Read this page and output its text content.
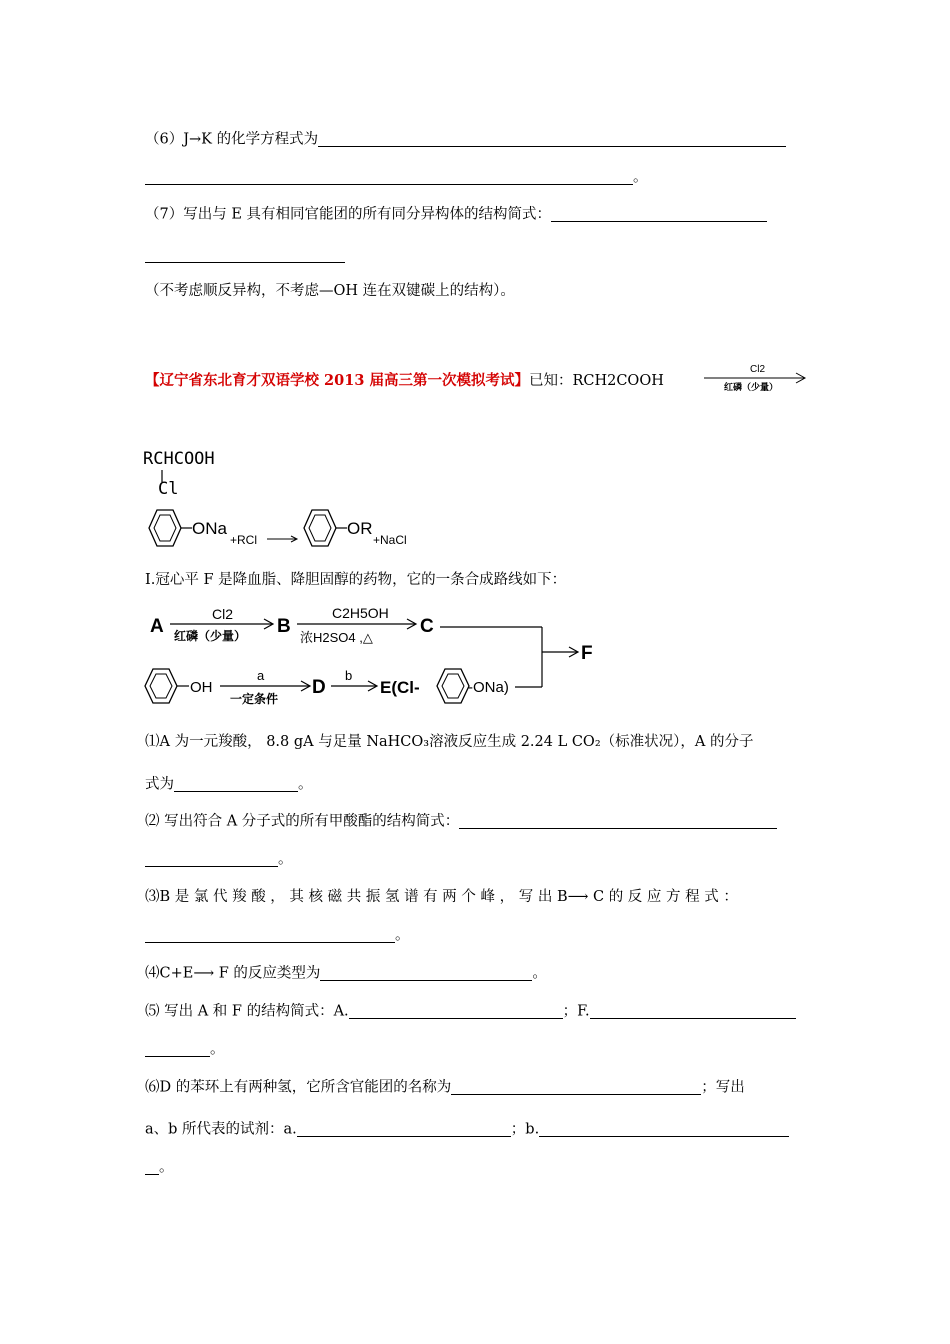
（6）J→K 的化学方程式为
。
（7）写出与 E 具有相同官能团的所有同分异构体的结构简式：
（不考虑顺反异构，不考虑—OH 连在双键碳上的结构）。
【辽宁省东北育才双语学校 2013 届高三第一次模拟考试】已知：RCH2COOH
Cl2
红磷（少量）
RCHCOOH
Cl
ONa
+RCl
OR
+NaCl
I.冠心平 F 是降血脂、降胆固醇的药物，它的一条合成路线如下：
A
Cl2
红磷（少量） B
C2H5OH
浓H2SO4 ,△
C
F
OH
a
一定条件
D
b
E(Cl-	-ONa)
⑴A 为一元羧酸， 8.8 gA 与足量 NaHCO₃溶液反应生成 2.24 L CO₂（标准状况），A 的分子
式为	。
⑵ 写出符合 A 分子式的所有甲酸酯的结构简式：
。
⑶B 是 氯 代 羧 酸 ， 其 核 磁 共 振 氢 谱 有 两 个 峰 ， 写 出 B⟶ C 的 反 应 方 程 式 ：
。
⑷C+E⟶ F 的反应类型为	。
⑸ 写出 A 和 F 的结构简式：A.	；F.
。
⑹D 的苯环上有两种氢，它所含官能团的名称为	；写出
a、b 所代表的试剂：a.	；b.
。
